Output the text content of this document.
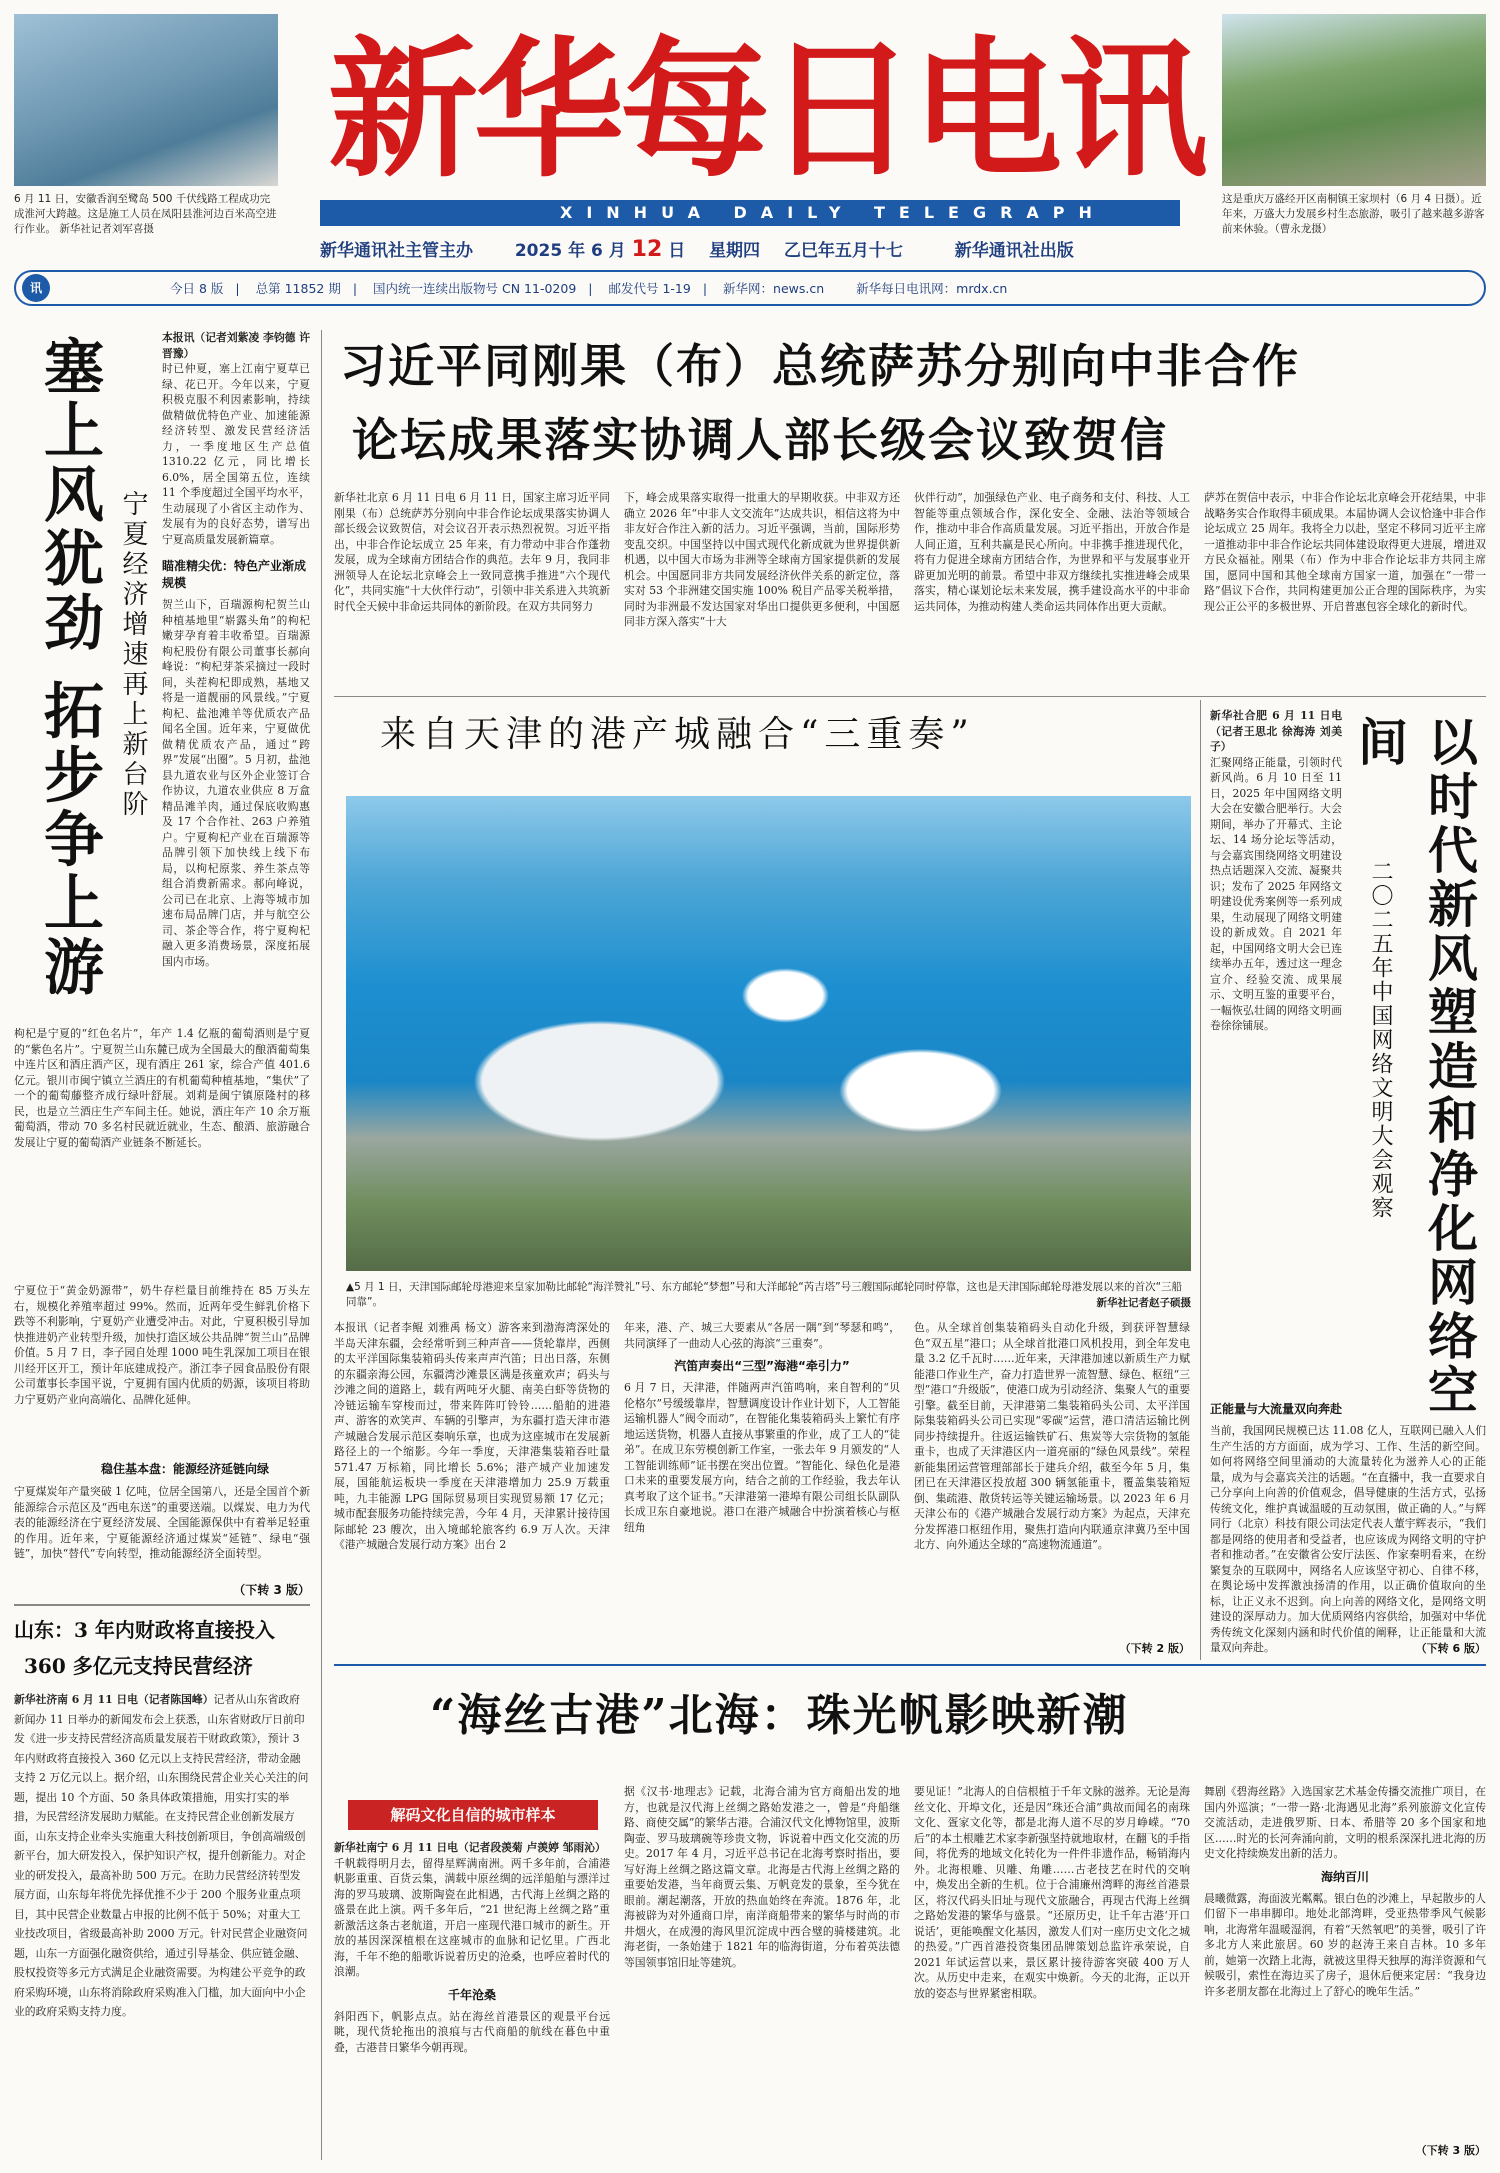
6 月 11 日，安徽香润至鹭岛 500 千伏线路工程成功完成淮河大跨越。这是施工人员在凤阳县淮河边百米高空进行作业。 新华社记者刘军喜摄
这是重庆万盛经开区南桐镇王家坝村（6 月 4 日摄）。近年来，万盛大力发展乡村生态旅游，吸引了越来越多游客前来休验。（曹永龙摄）
新华每日电讯
XINHUA DAILY TELEGRAPH
新华通讯社主管主办 2025 年 6 月 12 日 星期四 乙巳年五月十七	新华通讯社出版
讯	今日 8 版 | 总第 11852 期 | 国内统一连续出版物号 CN 11-0209 | 邮发代号 1-19 | 新华网：news.cn	新华每日电讯网：mrdx.cn
塞上风犹劲 拓步争上游 宁夏经济增速再上新台阶
本报讯（记者刘紫凌 李钧德 许晋豫）
时已仲夏，塞上江南宁夏草已绿、花已开。今年以来，宁夏积极克服不利因素影响，持续做精做优特色产业、加速能源经济转型、激发民营经济活力，一季度地区生产总值 1310.22 亿元，同比增长 6.0%，居全国第五位，连续 11 个季度超过全国平均水平，生动展现了小省区主动作为、发展有为的良好态势，谱写出宁夏高质量发展新篇章。
瞄准精尖优：特色产业渐成规模
贺兰山下，百瑞源枸杞贺兰山种植基地里“崭露头角”的枸杞嫩芽孕育着丰收希望。百瑞源枸杞股份有限公司董事长郝向峰说：“枸杞芽茶采摘过一段时间，头茬枸杞即成熟，基地又将是一道靓丽的风景线。”宁夏枸杞、盐池滩羊等优质农产品闻名全国。近年来，宁夏做优做精优质农产品，通过“跨界”发展“出圈”。5 月初，盐池县九道农业与区外企业签订合作协议，九道农业供应 8 万盒精品滩羊肉，通过保底收购惠及 17 个合作社、263 户养殖户。宁夏枸杞产业在百瑞源等品牌引领下加快线上线下布局，以枸杞原浆、养生茶点等组合消费新需求。郝向峰说，公司已在北京、上海等城市加速布局品牌门店，并与航空公司、茶企等合作，将宁夏枸杞融入更多消费场景，深度拓展国内市场。
枸杞是宁夏的“红色名片”，年产 1.4 亿瓶的葡萄酒则是宁夏的“紫色名片”。宁夏贺兰山东麓已成为全国最大的酿酒葡萄集中连片区和酒庄酒产区，现有酒庄 261 家，综合产值 401.6 亿元。银川市闽宁镇立兰酒庄的有机葡萄种植基地，“集伏”了一个的葡萄藤整齐成行绿叶舒展。刘莉是闽宁镇原隆村的移民，也是立兰酒庄生产车间主任。她说，酒庄年产 10 余万瓶葡萄酒，带动 70 多名村民就近就业，生态、酿酒、旅游融合发展让宁夏的葡萄酒产业链条不断延长。
宁夏位于“黄金奶源带”，奶牛存栏量目前维持在 85 万头左右，规模化养殖率超过 99%。然而，近两年受生鲜乳价格下跌等不利影响，宁夏奶产业遭受冲击。对此，宁夏积极引导加快推进奶产业转型升级，加快打造区域公共品牌“贺兰山”品牌价值。5 月 7 日，李子园自处理 1000 吨生乳深加工项目在银川经开区开工，预计年底建成投产。浙江李子园食品股份有限公司董事长李国平说，宁夏拥有国内优质的奶源，该项目将助力宁夏奶产业向高端化、品牌化延伸。
稳住基本盘：能源经济延链向绿
宁夏煤炭年产量突破 1 亿吨，位居全国第八，还是全国首个新能源综合示范区及“西电东送”的重要送端。以煤炭、电力为代表的能源经济在宁夏经济发展、全国能源保供中有着举足轻重的作用。近年来，宁夏能源经济通过煤炭“延链”、绿电“强链”，加快“替代”专向转型，推动能源经济全面转型。
（下转 3 版）
山东：3 年内财政将直接投入
360 多亿元支持民营经济
新华社济南 6 月 11 日电（记者陈国峰）记者从山东省政府新闻办 11 日举办的新闻发布会上获悉，山东省财政厅日前印发《进一步支持民营经济高质量发展若干财政政策》，预计 3 年内财政将直接投入 360 亿元以上支持民营经济，带动金融支持 2 万亿元以上。据介绍，山东围绕民营企业关心关注的问题，提出 10 个方面、50 条具体政策措施，用实打实的举措，为民营经济发展助力赋能。在支持民营企业创新发展方面，山东支持企业牵头实施重大科技创新项目，争创高端级创新平台，加大研发投入，保护知识产权，提升创新能力。对企业的研发投入，最高补助 500 万元。在助力民营经济转型发展方面，山东每年将优先择优推不少于 200 个服务业重点项目，其中民营企业数量占申报的比例不低于 50%；对重大工业技改项目，省级最高补助 2000 万元。针对民营企业融资问题，山东一方面强化融资供给，通过引导基金、供应链金融、股权投资等多元方式满足企业融资需要。为构建公平竞争的政府采购环境，山东将消除政府采购准入门槛，加大面向中小企业的政府采购支持力度。
习近平同刚果（布）总统萨苏分别向中非合作
论坛成果落实协调人部长级会议致贺信
新华社北京 6 月 11 日电 6 月 11 日，国家主席习近平同刚果（布）总统萨苏分别向中非合作论坛成果落实协调人部长级会议致贺信，对会议召开表示热烈祝贺。习近平指出，中非合作论坛成立 25 年来，有力带动中非合作蓬勃发展，成为全球南方团结合作的典范。去年 9 月，我同非洲领导人在论坛北京峰会上一致同意携手推进“六个现代化”，共同实施“十大伙伴行动”，引领中非关系进入共筑新时代全天候中非命运共同体的新阶段。在双方共同努力
下，峰会成果落实取得一批重大的早期收获。中非双方还确立 2026 年“中非人文交流年”达成共识，相信这将为中非友好合作注入新的活力。习近平强调，当前，国际形势变乱交织。中国坚持以中国式现代化新成就为世界提供新机遇，以中国大市场为非洲等全球南方国家提供新的发展机会。中国愿同非方共同发展经济伙伴关系的新定位，落实对 53 个非洲建交国实施 100% 税目产品零关税举措，同时为非洲最不发达国家对华出口提供更多便利，中国愿同非方深入落实“十大
伙伴行动”，加强绿色产业、电子商务和支付、科技、人工智能等重点领域合作，深化安全、金融、法治等领域合作，推动中非合作高质量发展。习近平指出，开放合作是人间正道，互利共赢是民心所向。中非携手推进现代化，将有力促进全球南方团结合作，为世界和平与发展事业开辟更加光明的前景。希望中非双方继续扎实推进峰会成果落实，精心谋划论坛未来发展，携手建设高水平的中非命运共同体，为推动构建人类命运共同体作出更大贡献。
萨苏在贺信中表示，中非合作论坛北京峰会开花结果，中非战略务实合作取得丰硕成果。本届协调人会议恰逢中非合作论坛成立 25 周年。我将全力以赴，坚定不移同习近平主席一道推动非中非合作论坛共同体建设取得更大进展，增进双方民众福祉。刚果（布）作为中非合作论坛非方共同主席国，愿同中国和其他全球南方国家一道，加强在“一带一路”倡议下合作，共同构建更加公正合理的国际秩序，为实现公正公平的多极世界、开启普惠包容全球化的新时代。
来自天津的港产城融合“三重奏”
▲5 月 1 日，天津国际邮轮母港迎来皇家加勒比邮轮“海洋赞礼”号、东方邮轮“梦想”号和大洋邮轮“芮吉塔”号三艘国际邮轮同时停靠，这也是天津国际邮轮母港发展以来的首次“三船同靠”。	新华社记者赵子硕摄
本报讯（记者李鲲 刘雅禹 杨文）游客来到渤海湾深处的半岛天津东疆，会经常听到三种声音——货轮靠岸，西侧的太平洋国际集装箱码头传来声声汽笛；日出日落，东侧的东疆亲海公园，东疆湾沙滩景区满是孩童欢声；码头与沙滩之间的道路上，载有两吨牙火腿、南美白虾等货物的冷链运输车穿梭而过，带来阵阵叮铃铃……船舶的进港声、游客的欢笑声、车辆的引擎声，为东疆打造天津市港产城融合发展示范区奏响乐章，也成为这座城市在发展新路径上的一个缩影。今年一季度，天津港集装箱吞吐量 571.47 万标箱，同比增长 5.6%；港产城产业加速发展，国能航运板块一季度在天津港增加力 25.9 万载重吨，九丰能源 LPG 国际贸易项目实现贸易额 17 亿元；城市配套服务功能持续完善，今年 4 月，天津累计接待国际邮轮 23 艘次，出入境邮轮旅客约 6.9 万人次。天津《港产城融合发展行动方案》出台 2
年来，港、产、城三大要素从“各居一隅”到“琴瑟和鸣”，共同演绎了一曲动人心弦的海滨“三重奏”。
汽笛声奏出“三型”海港“牵引力”
6 月 7 日，天津港，伴随两声汽笛鸣响，来自智利的“贝伦格尔”号缓缓靠岸，智慧调度设计作业计划下，人工智能运输机器人“阀令而动”，在智能化集装箱码头上繁忙有序地运送货物，机器人直接从事繁重的作业，成了工人的“徒弟”。在成卫东劳模创新工作室，一张去年 9 月颁发的“人工智能训练师”证书摆在突出位置。“智能化、绿色化是港口未来的重要发展方向，结合之前的工作经验，我去年认真考取了这个证书。”天津港第一港埠有限公司组长队副队长成卫东自豪地说。港口在港产城融合中扮演着核心与枢纽角
色。从全球首创集装箱码头自动化升级，到获评智慧绿色“双五星”港口；从全球首批港口风机投用，到全年发电量 3.2 亿千瓦时……近年来，天津港加速以新质生产力赋能港口作业生产，奋力打造世界一流智慧、绿色、枢纽“三型”港口“升级版”，使港口成为引动经济、集聚人气的重要引擎。截至目前，天津港第二集装箱码头公司、太平洋国际集装箱码头公司已实现“零碳”运营，港口清洁运输比例同步持续提升。往返运输铁矿石、焦炭等大宗货物的氢能重卡，也成了天津港区内一道亮丽的“绿色风景线”。荣程新能集团运营管理部部长于建兵介绍，截至今年 5 月，集团已在天津港区投放超 300 辆氢能重卡，覆盖集装箱短倒、集疏港、散货转运等关键运输场景。以 2023 年 6 月天津公布的《港产城融合发展行动方案》为起点，天津充分发挥港口枢纽作用，聚焦打造向内联通京津冀乃至中国北方、向外通达全球的“高速物流通道”。
（下转 2 版）
新华社合肥 6 月 11 日电（记者王思北 徐海涛 刘美子）
汇聚网络正能量，引领时代新风尚。6 月 10 日至 11 日，2025 年中国网络文明大会在安徽合肥举行。大会期间，举办了开幕式、主论坛、14 场分论坛等活动，与会嘉宾围绕网络文明建设热点话题深入交流、凝聚共识；发布了 2025 年网络文明建设优秀案例等一系列成果，生动展现了网络文明建设的新成效。自 2021 年起，中国网络文明大会已连续举办五年，透过这一理念宣介、经验交流、成果展示、文明互鉴的重要平台，一幅恢弘壮阔的网络文明画卷徐徐铺展。	以时代新风塑造和净化网络空间
二〇二五年中国网络文明大会观察
正能量与大流量双向奔赴
当前，我国网民规模已达 11.08 亿人，互联网已融入人们生产生活的方方面面，成为学习、工作、生活的新空间。如何将网络空间里涌动的大流量转化为滋养人心的正能量，成为与会嘉宾关注的话题。“在直播中，我一直要求自己分享向上向善的价值观念，倡导健康的生活方式，弘扬传统文化，维护真诚温暖的互动氛围，做正确的人。”与辉同行（北京）科技有限公司法定代表人董宇辉表示，“我们都是网络的使用者和受益者，也应该成为网络文明的守护者和推动者。”在安徽省公安厅法医、作家秦明看来，在纷繁复杂的互联网中，网络名人应该坚守初心、自律不移，在舆论场中发挥激浊扬清的作用，以正确价值取向的坐标，让正义永不迟到。向上向善的网络文化，是网络文明建设的深厚动力。加大优质网络内容供给，加强对中华优秀传统文化深刻内涵和时代价值的阐释，让正能量和大流量双向奔赴。	（下转 6 版）
“海丝古港”北海：珠光帆影映新潮
解码文化自信的城市样本
新华社南宁 6 月 11 日电（记者段羡菊 卢羡婷 邹雨沁）
千帆载得明月去，留得星辉满南洲。两千多年前，合浦港帆影重重、百货云集，满载中原丝绸的远洋船舶与漂洋过海的罗马玻璃、波斯陶瓷在此相遇，古代海上丝绸之路的盛景在此上演。两千多年后，“21 世纪海上丝绸之路”重新激活这条古老航道，开启一座现代港口城市的新生。开放的基因深深植根在这座城市的血脉和记忆里。广西北海，千年不绝的船歌诉说着历史的沧桑，也呼应着时代的浪潮。
千年沧桑
斜阳西下，帆影点点。站在海丝首港景区的观景平台远眺，现代货轮拖出的浪痕与古代商船的航线在暮色中重叠，古港昔日繁华今朝再现。
据《汉书·地理志》记载，北海合浦为官方商船出发的地方，也就是汉代海上丝绸之路始发港之一，曾是“舟船继路、商使交属”的繁华古港。合浦汉代文化博物馆里，波斯陶壶、罗马玻璃碗等珍贵文物，诉说着中西文化交流的历史。2017 年 4 月，习近平总书记在北海考察时指出，要写好海上丝绸之路这篇文章。北海是古代海上丝绸之路的重要始发港，当年商贾云集、万帆竞发的景象，至今犹在眼前。潮起潮落，开放的热血始终在奔流。1876 年，北海被辟为对外通商口岸，南洋商船带来的繁华与时尚的市井烟火，在成漫的海风里沉淀成中西合璧的骑楼建筑。北海老街，一条始建于 1821 年的临海街道，分布着英法德等国领事馆旧址等建筑。
要见证！”北海人的自信根植于千年文脉的滋养。无论是海丝文化、开埠文化，还是因“珠还合浦”典故而闻名的南珠文化、疍家文化等，都是北海人道不尽的岁月峥嵘。“70 后”的本土根雕艺术家李新强坚持就地取材，在翻飞的手指间，将优秀的地域文化转化为一件件非遗作品，畅销海内外。北海根雕、贝雕、角雕……古老技艺在时代的交响中，焕发出全新的生机。位于合浦廉州湾畔的海丝首港景区，将汉代码头旧址与现代文旅融合，再现古代海上丝绸之路始发港的繁华与盛景。“还原历史，让千年古港‘开口说话’，更能唤醒文化基因，激发人们对一座历史文化之城的热爱。”广西首港投资集团品牌策划总监许承荣说，自 2021 年试运营以来，景区累计接待游客突破 400 万人次。从历史中走来，在观实中焕新。今天的北海，正以开放的姿态与世界紧密相联。
舞剧《碧海丝路》入选国家艺术基金传播交流推广项目，在国内外巡演；“一带一路·北海遇见北海”系列旅游文化宣传交流活动，走进俄罗斯、日本、希腊等 20 多个国家和地区……时光的长河奔涌向前，文明的根系深深扎进北海的历史文化持续焕发出新的活力。
海纳百川
晨曦微露，海面波光粼粼。银白色的沙滩上，早起散步的人们留下一串串脚印。地处北部湾畔，受亚热带季风气候影响，北海常年温暖湿润，有着“天然氧吧”的美誉，吸引了许多北方人来此旅居。60 岁的赵涛王来自吉林。10 多年前，她第一次踏上北海，就被这里得天独厚的海洋资源和气候吸引，索性在海边买了房子，退休后便来定居：“我身边许多老朋友都在北海过上了舒心的晚年生活。”
（下转 3 版）
